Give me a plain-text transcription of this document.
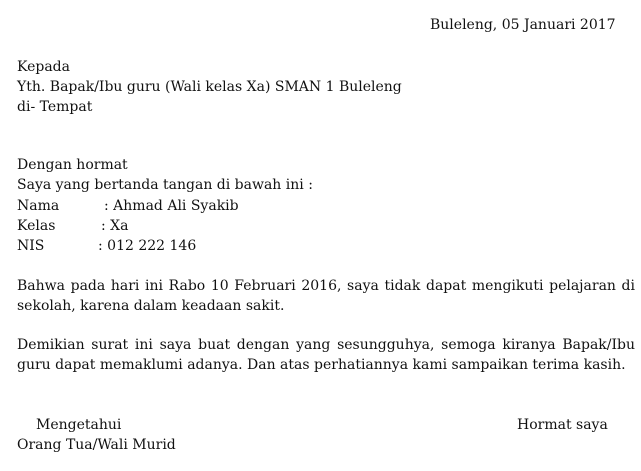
Buleleng, 05 Januari 2017
Kepada
Yth. Bapak/Ibu guru (Wali kelas Xa) SMAN 1 Buleleng
di- Tempat
Dengan hormat
Saya yang bertanda tangan di bawah ini :
Nama	: Ahmad Ali Syakib
Kelas	: Xa
NIS	: 012 222 146
Bahwa pada hari ini Rabo 10 Februari 2016, saya tidak dapat mengikuti pelajaran di sekolah, karena dalam keadaan sakit.
Demikian surat ini saya buat dengan yang sesungguhya, semoga kiranya Bapak/Ibu guru dapat memaklumi adanya. Dan atas perhatiannya kami sampaikan terima kasih.
Mengetahui	Hormat saya
Orang Tua/Wali Murid
